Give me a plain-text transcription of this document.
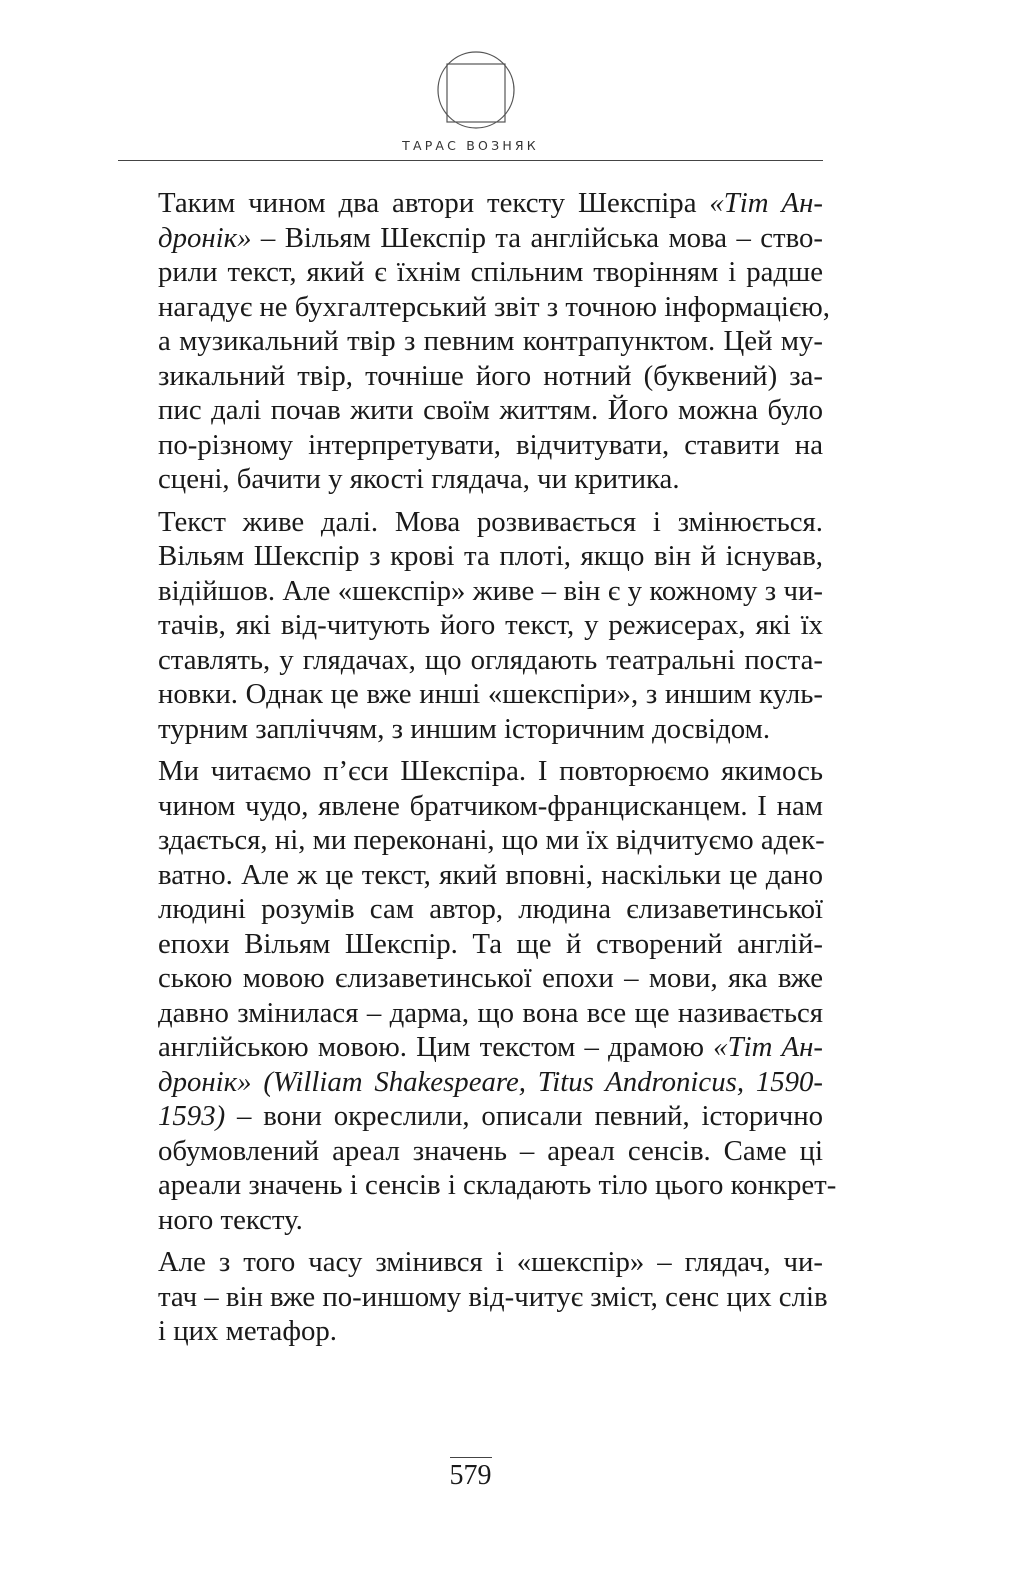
ТАРАС ВОЗНЯК

Таким чином два автори тексту Шекспіра «Тіт Ан-
дронік» – Вільям Шекспір та англійська мова – ство-
рили текст, який є їхнім спільним творінням і радше
нагадує не бухгалтерський звіт з точною інформацією,
а музикальний твір з певним контрапунктом. Цей му-
зикальний твір, точніше його нотний (буквений) за-
пис далі почав жити своїм життям. Його можна було
по-різному інтерпретувати, відчитувати, ставити на
сцені, бачити у якості глядача, чи критика.

Текст живе далі. Мова розвивається і змінюється.
Вільям Шекспір з крові та плоті, якщо він й існував,
відійшов. Але «шекспір» живе – він є у кожному з чи-
тачів, які від-читують його текст, у режисерах, які їх
ставлять, у глядачах, що оглядають театральні поста-
новки. Однак це вже инші «шекспіри», з иншим куль-
турним запліччям, з иншим історичним досвідом.

Ми читаємо п’єси Шекспіра. І повторюємо якимось
чином чудо, явлене братчиком-францисканцем. І нам
здається, ні, ми переконані, що ми їх відчитуємо адек-
ватно. Але ж це текст, який вповні, наскільки це дано
людині розумів сам автор, людина єлизаветинської
епохи Вільям Шекспір. Та ще й створений англій-
ською мовою єлизаветинської епохи – мови, яка вже
давно змінилася – дарма, що вона все ще називається
англійською мовою. Цим текстом – драмою «Тіт Ан-
дронік» (William Shakespeare, Titus Andronicus, 1590-
1593) – вони окреслили, описали певний, історично
обумовлений ареал значень – ареал сенсів. Саме ці
ареали значень і сенсів і складають тіло цього конкрет-
ного тексту.

Але з того часу змінився і «шекспір» – глядач, чи-
тач – він вже по-иншому від-читує зміст, сенс цих слів
і цих метафор.

579
